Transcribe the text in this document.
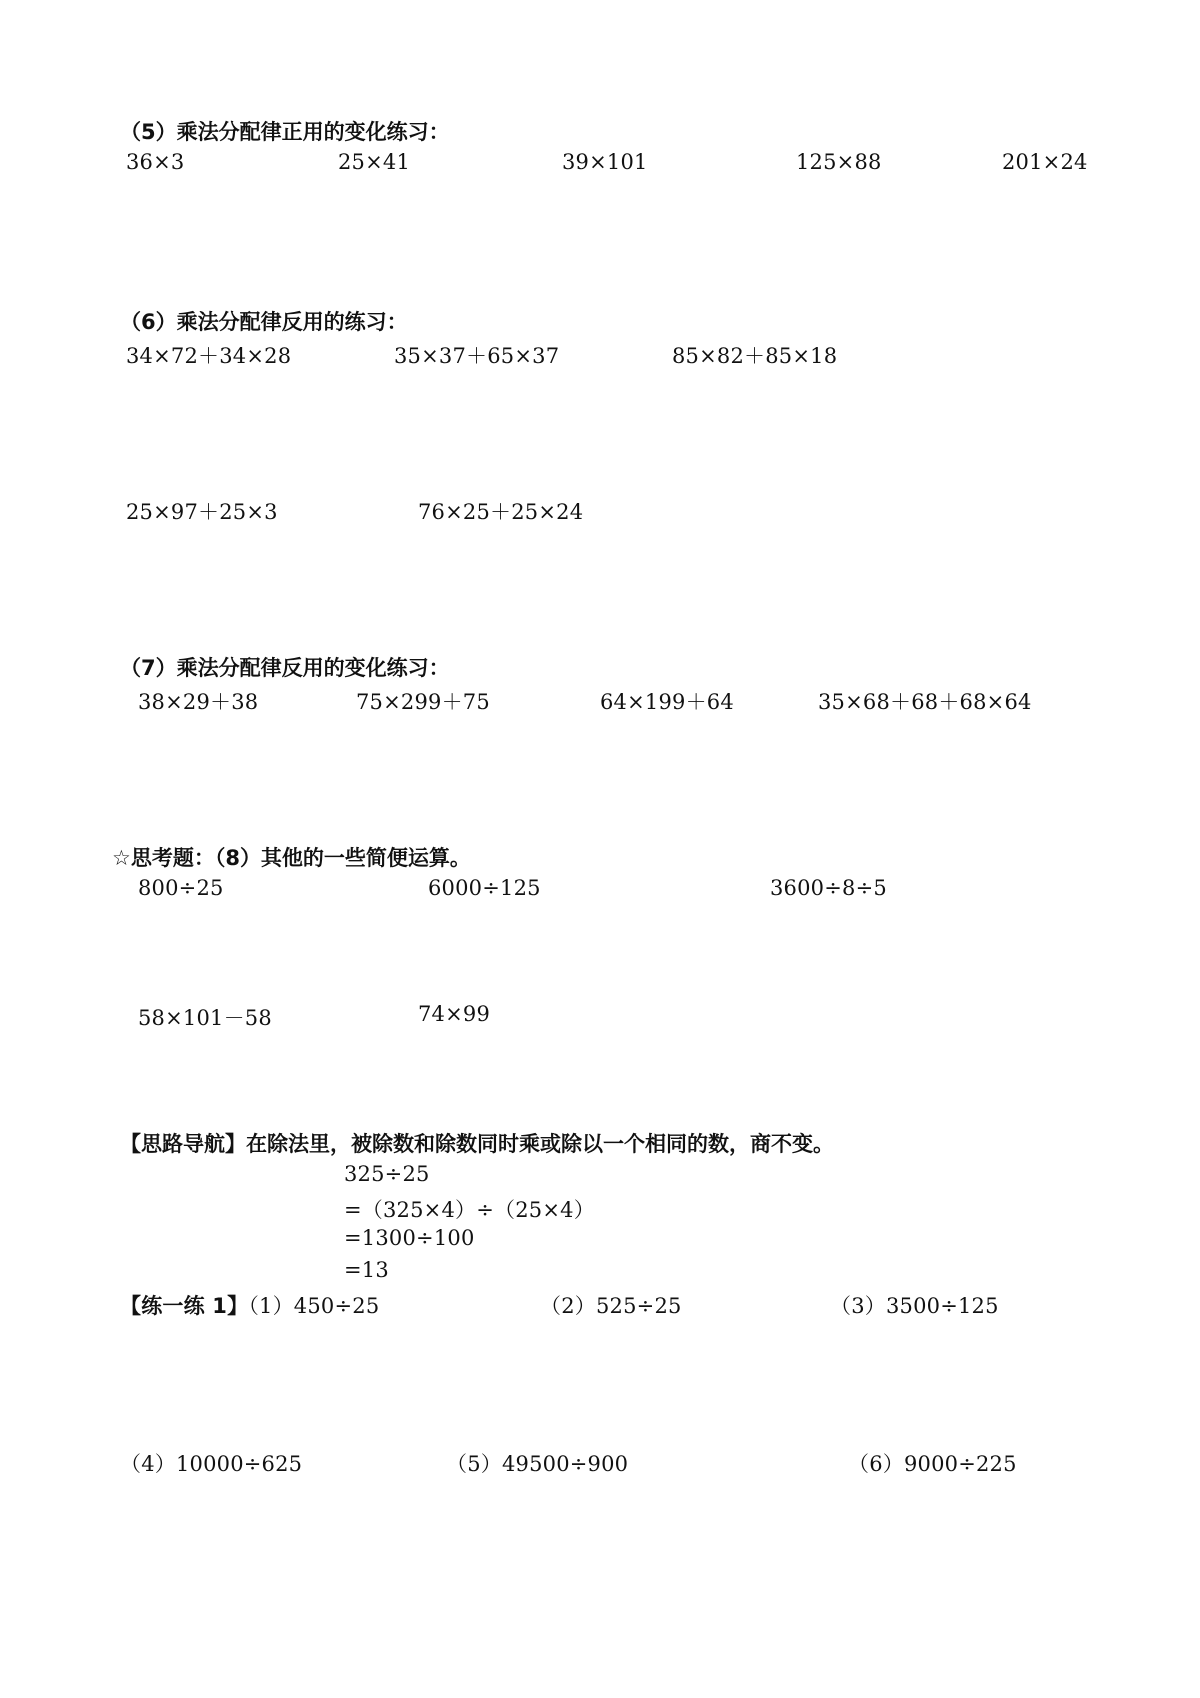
（5）乘法分配律正用的变化练习：
36×3	25×41	39×101	125×88	201×24
（6）乘法分配律反用的练习：
34×72＋34×28	35×37＋65×37	85×82＋85×18
25×97＋25×3	76×25＋25×24
（7）乘法分配律反用的变化练习：
38×29＋38	75×299＋75	64×199＋64	35×68＋68＋68×64
☆思考题：（8）其他的一些简便运算。
800÷25	6000÷125	3600÷8÷5
58×101－58	74×99
【思路导航】在除法里，被除数和除数同时乘或除以一个相同的数，商不变。
325÷25
=（325×4）÷（25×4）
=1300÷100
=13
【练一练 1】（1）450÷25	（2）525÷25	（3）3500÷125
（4）10000÷625	（5）49500÷900	（6）9000÷225
